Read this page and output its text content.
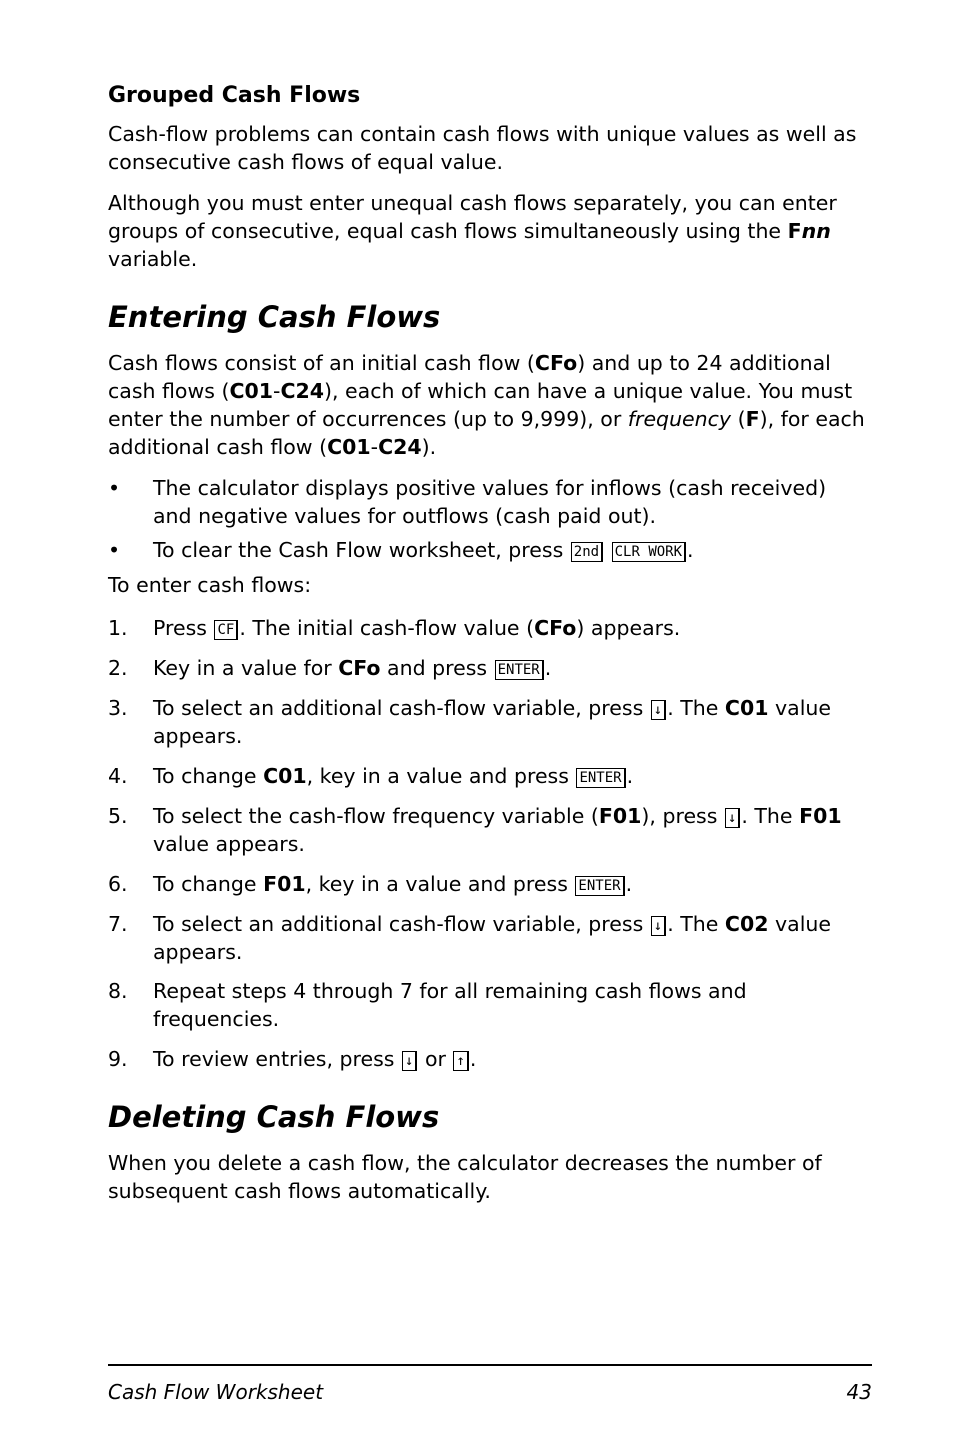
Grouped Cash Flows
Cash-flow problems can contain cash flows with unique values as well as consecutive cash flows of equal value.
Although you must enter unequal cash flows separately, you can enter groups of consecutive, equal cash flows simultaneously using the Fnn variable.
Entering Cash Flows
Cash flows consist of an initial cash flow (CFo) and up to 24 additional cash flows (C01-C24), each of which can have a unique value. You must enter the number of occurrences (up to 9,999), or frequency (F), for each additional cash flow (C01-C24).
• The calculator displays positive values for inflows (cash received) and negative values for outflows (cash paid out).
• To clear the Cash Flow worksheet, press 2nd CLR WORK .
To enter cash flows:
1. Press CF . The initial cash-flow value (CFo) appears.
2. Key in a value for CFo and press ENTER .
3. To select an additional cash-flow variable, press ↓ . The C01 value appears.
4. To change C01, key in a value and press ENTER .
5. To select the cash-flow frequency variable (F01), press ↓ . The F01 value appears.
6. To change F01, key in a value and press ENTER .
7. To select an additional cash-flow variable, press ↓ . The C02 value appears.
8. Repeat steps 4 through 7 for all remaining cash flows and frequencies.
9. To review entries, press ↓ or ↑ .
Deleting Cash Flows
When you delete a cash flow, the calculator decreases the number of subsequent cash flows automatically.
Cash Flow Worksheet	43
